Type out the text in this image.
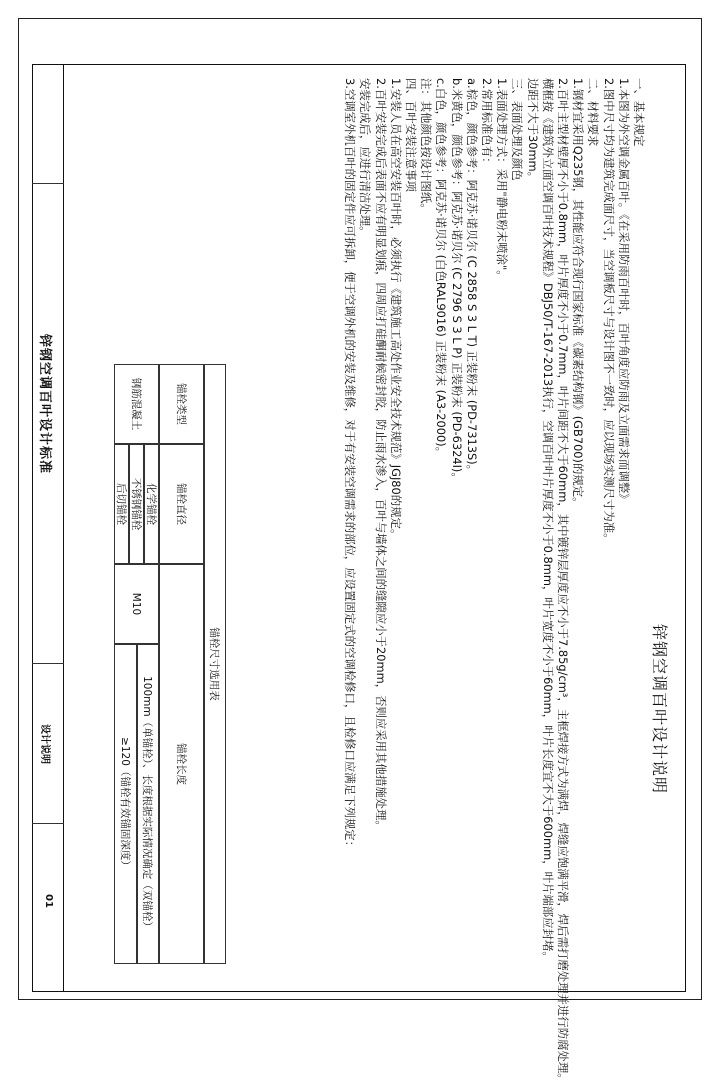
锌钢空调百叶设计标准
设计说明
01
锌钢空调百叶设计说明
一、基本规定
1.本图为外空调金属百叶。《在采用防雨百叶时，百叶角度应防雨及立面需求而调整》
2.图中尺寸均为建筑完成面尺寸，当空调板尺寸与设计图不一致时，应以现场实测尺寸为准。
二、材料要求
1.钢材宜采用Q235钢，其性能应符合现行国家标准《碳素结构钢》(GB700)的规定。
2.百叶主型材壁厚不小于0.8mm，叶片厚度不小于0.7mm，叶片间距不大于60mm，其中镀锌层厚度应不小于7.85g/cm³，主框焊接方式为满焊，焊缝应饱满平滑，焊后需打磨处理并进行防腐处理。
横框按《建筑外立面空调百叶技术规程》DBJ50/T-167-2013执行，空调百叶叶片厚度不小于0.8mm，叶片宽度不小于60mm，叶片长度宜不大于600mm，叶片端部应封堵。
边距不大于30mm。
三、表面处理及颜色
1.表面处理方式：采用"静电粉末喷涂"。
2.常用标准色有：
a.棕色，颜色参考：阿克苏·诺贝尔 (C 2858 S 3 L T) 正装粉末 (PD-7313S)。
b.米黄色，颜色参考：阿克苏·诺贝尔 (C 2796 S 3 L P) 正装粉末 (PD-6324I)。
c.白色，颜色参考：阿克苏·诺贝尔 (白色RAL9016) 正装粉末 (A3-2000)。
注：其他颜色按设计图纸。
四、百叶安装注意事项
1.安装人员在高空安装百叶时，必须执行《建筑施工高处作业安全技术规范》JGJ80的规定。
2.百叶安装完成后表面不应有明显划痕，四周应打硅酮耐候密封胶，防止雨水渗入，百叶与墙体之间的缝隙应小于20mm，否则应采用其他措施处理。
安装完成后，应进行清洁处理。
3.空调室外机百叶的固定件应可拆卸，便于空调外机的安装及维修，对于有安装空调需求的部位，应设置固定式的空调检修口，且检修口应满足下列规定：
锚栓尺寸选用表
锚栓类型
锚栓直径
锚栓长度
钢筋混凝土
化学锚栓
不锈钢锚栓
后切锚栓
M10
100mm（单锚栓）、长度根据实际情况确定（双锚栓）
≥120（锚栓有效锚固深度）
